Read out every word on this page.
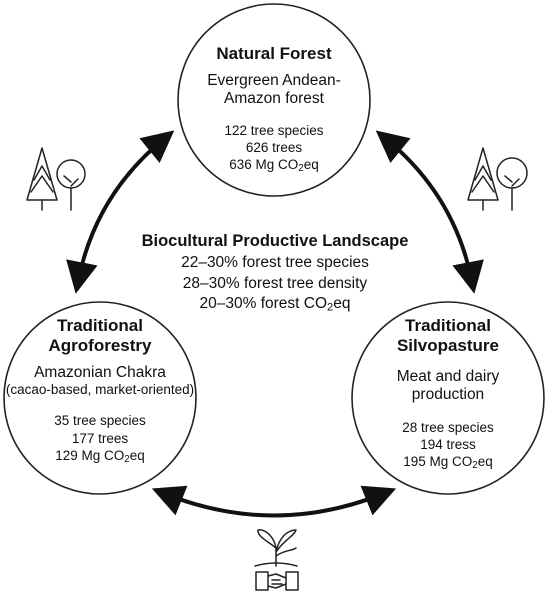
Natural Forest
Evergreen Andean-
Amazon forest
122 tree species
626 trees
636 Mg $CO_2eq$
Biocultural Productive Landscape
22–30% forest tree species
28–30% forest tree density
20–30% forest $CO_2eq$
Traditional
Agroforestry
Amazonian Chakra
(cacao-based, market-oriented)
35 tree species
177 trees
129 Mg $CO_2eq$
Traditional
Silvopasture
Meat and dairy
production
28 tree species
194 tress
195 Mg $CO_2eq$
